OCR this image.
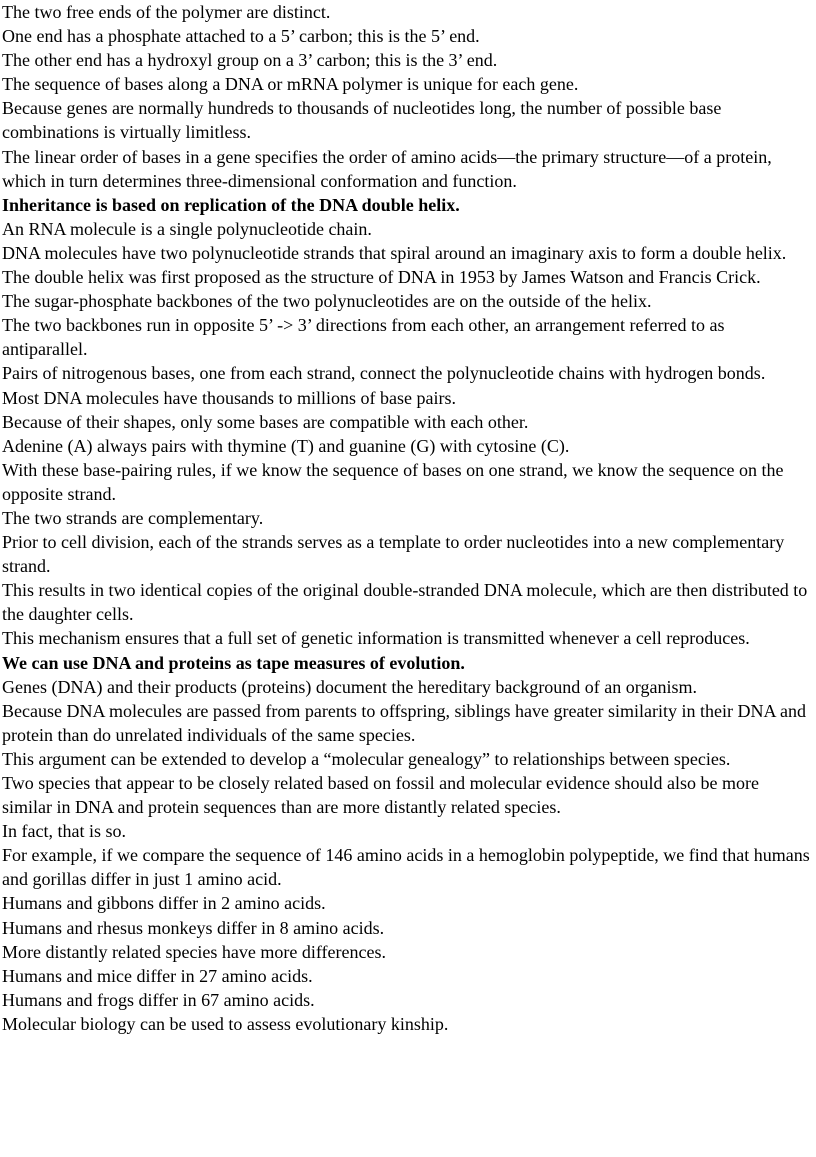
The two free ends of the polymer are distinct.

One end has a phosphate attached to a 5’ carbon; this is the 5’ end.

The other end has a hydroxyl group on a 3’ carbon; this is the 3’ end.

The sequence of bases along a DNA or mRNA polymer is unique for each gene.

Because genes are normally hundreds to thousands of nucleotides long, the number of possible base combinations is virtually limitless.

The linear order of bases in a gene specifies the order of amino acids—the primary structure—of a protein, which in turn determines three-dimensional conformation and function.

Inheritance is based on replication of the DNA double helix.

An RNA molecule is a single polynucleotide chain.

DNA molecules have two polynucleotide strands that spiral around an imaginary axis to form a double helix.

The double helix was first proposed as the structure of DNA in 1953 by James Watson and Francis Crick.

The sugar-phosphate backbones of the two polynucleotides are on the outside of the helix.

The two backbones run in opposite 5’ -> 3’ directions from each other, an arrangement referred to as antiparallel.

Pairs of nitrogenous bases, one from each strand, connect the polynucleotide chains with hydrogen bonds.

Most DNA molecules have thousands to millions of base pairs.

Because of their shapes, only some bases are compatible with each other.

Adenine (A) always pairs with thymine (T) and guanine (G) with cytosine (C).

With these base-pairing rules, if we know the sequence of bases on one strand, we know the sequence on the opposite strand.

The two strands are complementary.

Prior to cell division, each of the strands serves as a template to order nucleotides into a new complementary strand.

This results in two identical copies of the original double-stranded DNA molecule, which are then distributed to the daughter cells.

This mechanism ensures that a full set of genetic information is transmitted whenever a cell reproduces.

We can use DNA and proteins as tape measures of evolution.

Genes (DNA) and their products (proteins) document the hereditary background of an organism.

Because DNA molecules are passed from parents to offspring, siblings have greater similarity in their DNA and protein than do unrelated individuals of the same species.

This argument can be extended to develop a “molecular genealogy” to relationships between species.

Two species that appear to be closely related based on fossil and molecular evidence should also be more similar in DNA and protein sequences than are more distantly related species.

In fact, that is so.

For example, if we compare the sequence of 146 amino acids in a hemoglobin polypeptide, we find that humans and gorillas differ in just 1 amino acid.

Humans and gibbons differ in 2 amino acids.

Humans and rhesus monkeys differ in 8 amino acids.

More distantly related species have more differences.

Humans and mice differ in 27 amino acids.

Humans and frogs differ in 67 amino acids.

Molecular biology can be used to assess evolutionary kinship.
